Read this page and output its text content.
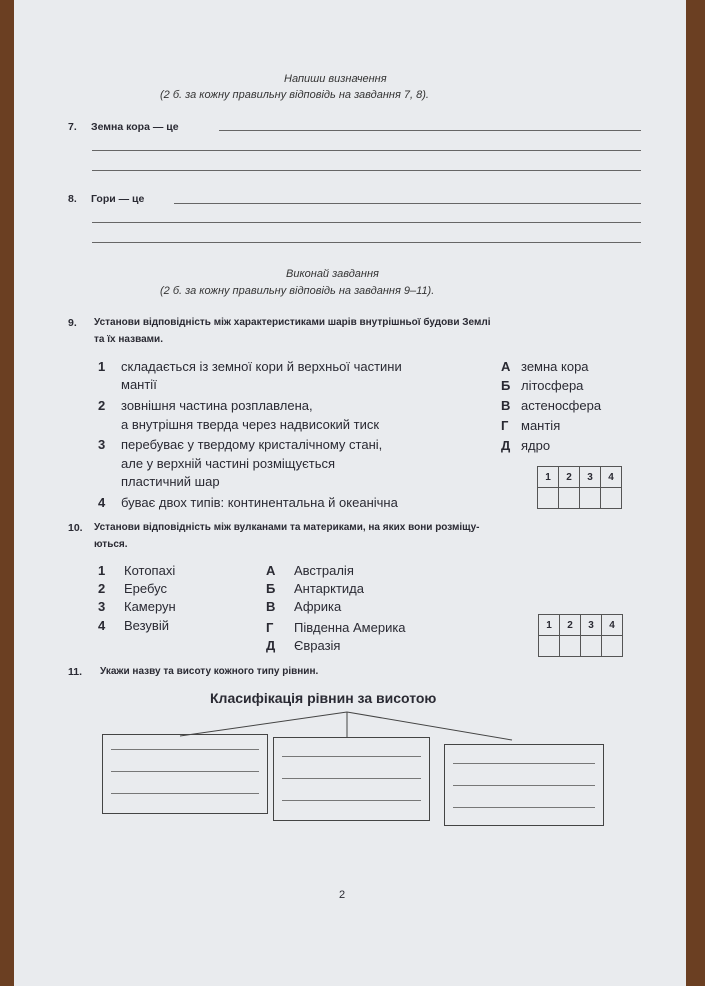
Напиши визначення
(2 б. за кожну правильну відповідь на завдання 7, 8).
7. Земна кора — це
8. Гори — це
Виконай завдання
(2 б. за кожну правильну відповідь на завдання 9–11).
9. Установи відповідність між характеристиками шарів внутрішньої будови Землі
та їх назвами.
1 складається із земної кори й верхньої частини
мантії
2 зовнішня частина розплавлена,
а внутрішня тверда через надвисокий тиск
3 перебуває у твердому кристалічному стані,
але у верхній частині розміщується
пластичний шар
4 буває двох типів: континентальна й океанічна
А земна кора
Б літосфера
В астеносфера
Г мантія
Д ядро
1	2	3	4

10. Установи відповідність між вулканами та материками, на яких вони розміщу-
ються.
1 Котопахі
2 Еребус
3 Камерун
4 Везувій
А Австралія
Б Антарктида
В Африка
Г Південна Америка
Д Євразія
1	2	3	4

11. Укажи назву та висоту кожного типу рівнин.
Класифікація рівнин за висотою
2
